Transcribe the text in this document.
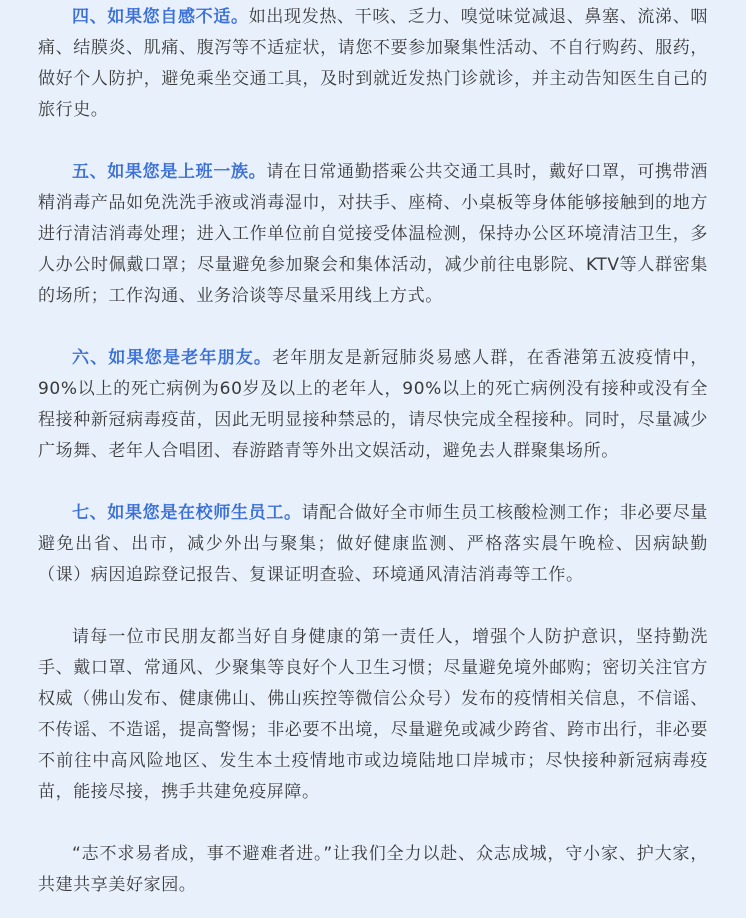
四、如果您自感不适。如出现发热、干咳、乏力、嗅觉味觉减退、鼻塞、流涕、咽痛、结膜炎、肌痛、腹泻等不适症状，请您不要参加聚集性活动、不自行购药、服药，做好个人防护，避免乘坐交通工具，及时到就近发热门诊就诊，并主动告知医生自己的旅行史。

五、如果您是上班一族。请在日常通勤搭乘公共交通工具时，戴好口罩，可携带酒精消毒产品如免洗洗手液或消毒湿巾，对扶手、座椅、小桌板等身体能够接触到的地方进行清洁消毒处理；进入工作单位前自觉接受体温检测，保持办公区环境清洁卫生，多人办公时佩戴口罩；尽量避免参加聚会和集体活动，减少前往电影院、KTV等人群密集的场所；工作沟通、业务洽谈等尽量采用线上方式。

六、如果您是老年朋友。老年朋友是新冠肺炎易感人群，在香港第五波疫情中，90%以上的死亡病例为60岁及以上的老年人，90%以上的死亡病例没有接种或没有全程接种新冠病毒疫苗，因此无明显接种禁忌的，请尽快完成全程接种。同时，尽量减少广场舞、老年人合唱团、春游踏青等外出文娱活动，避免去人群聚集场所。

七、如果您是在校师生员工。请配合做好全市师生员工核酸检测工作；非必要尽量避免出省、出市，减少外出与聚集；做好健康监测、严格落实晨午晚检、因病缺勤（课）病因追踪登记报告、复课证明查验、环境通风清洁消毒等工作。

请每一位市民朋友都当好自身健康的第一责任人，增强个人防护意识，坚持勤洗手、戴口罩、常通风、少聚集等良好个人卫生习惯；尽量避免境外邮购；密切关注官方权威（佛山发布、健康佛山、佛山疾控等微信公众号）发布的疫情相关信息，不信谣、不传谣、不造谣，提高警惕；非必要不出境，尽量避免或减少跨省、跨市出行，非必要不前往中高风险地区、发生本土疫情地市或边境陆地口岸城市；尽快接种新冠病毒疫苗，能接尽接，携手共建免疫屏障。

“志不求易者成，事不避难者进。”让我们全力以赴、众志成城，守小家、护大家，共建共享美好家园。
